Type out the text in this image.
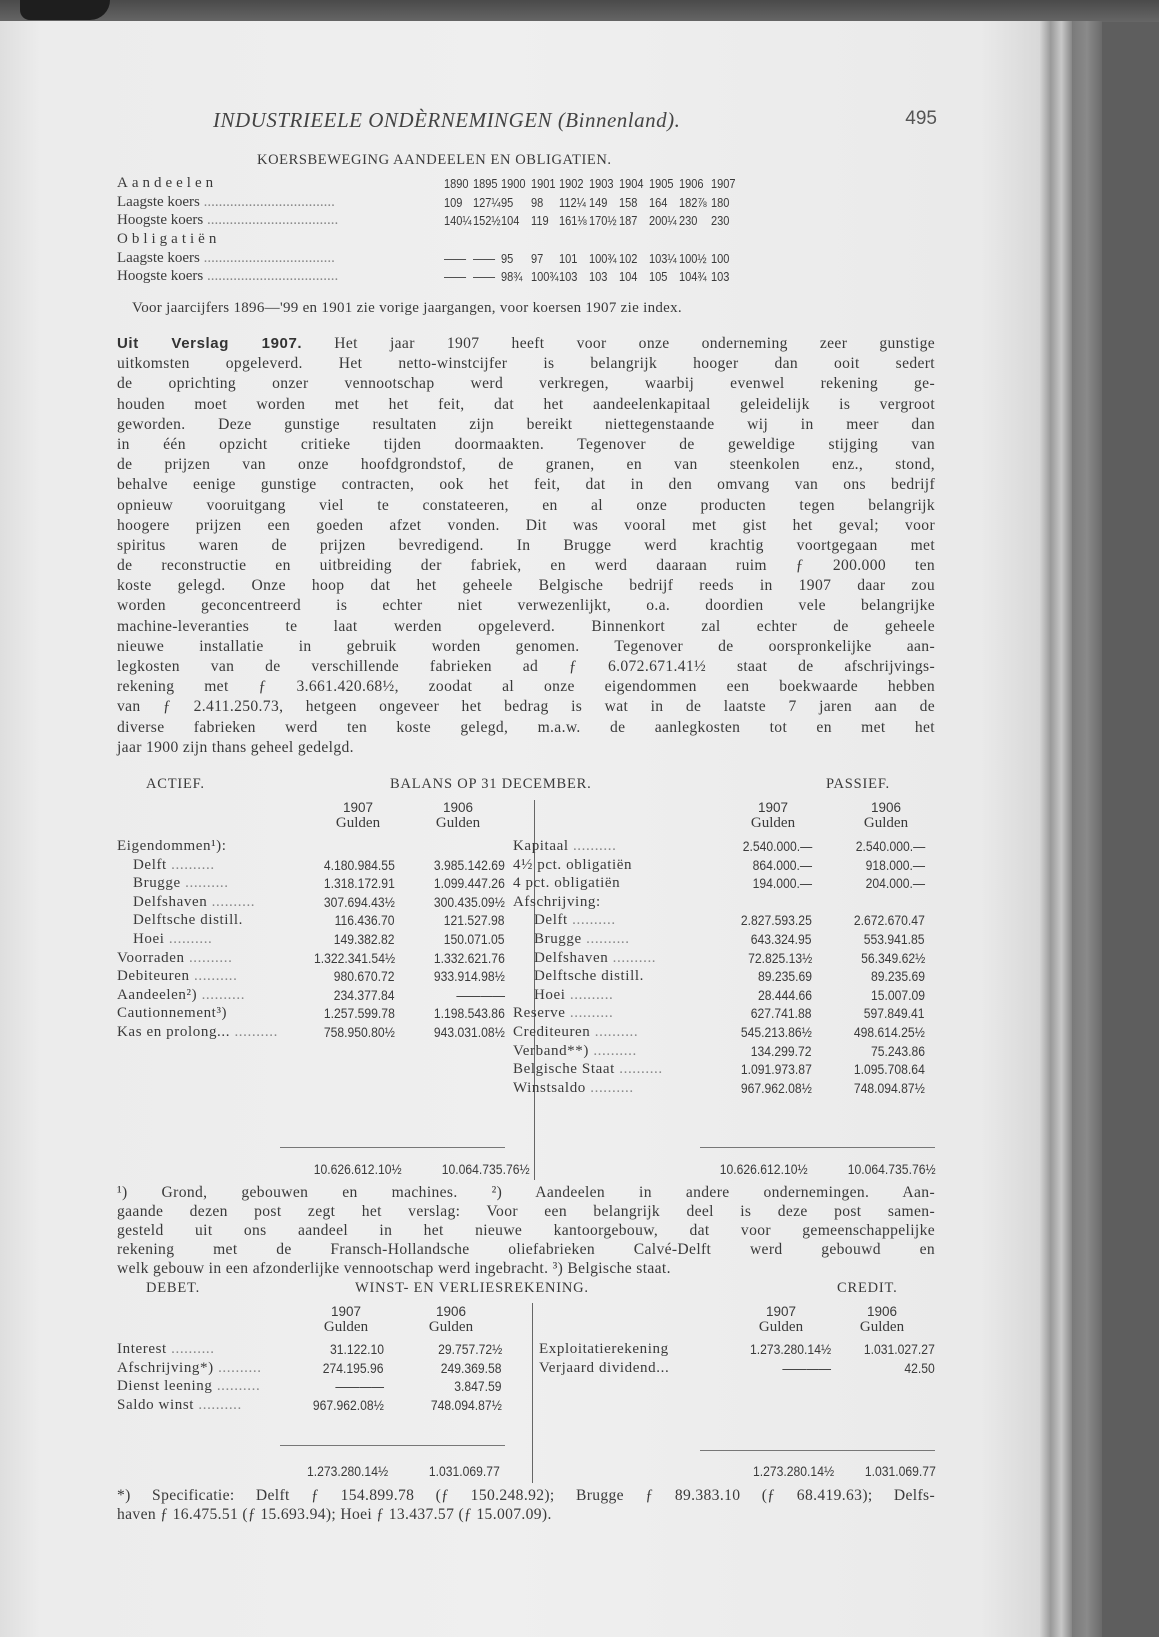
INDUSTRIEELE ONDÈRNEMINGEN (Binnenland).	495
KOERSBEWEGING AANDEELEN EN OBLIGATIEN.
Aandeelen	1890 1895 1900 1901 1902 1903 1904 1905 1906 1907
Laagste koers ...................................	109 127¼ 95 98 112¼ 149 158 164 182⅞ 180
Hoogste koers ...................................	140¼ 152½ 104 119 161⅛ 170½ 187 200¼ 230 230
Obligatiën
Laagste koers ...................................	—— —— 95 97 101 100¾ 102 103¼ 100½ 100
Hoogste koers ...................................	—— —— 98¾ 100¾ 103 103 104 105 104¾ 103
Voor jaarcijfers 1896—'99 en 1901 zie vorige jaargangen, voor koersen 1907 zie index.
Uit Verslag 1907. Het jaar 1907 heeft voor onze onderneming zeer gunstige
uitkomsten opgeleverd. Het netto-winstcijfer is belangrijk hooger dan ooit sedert
de oprichting onzer vennootschap werd verkregen, waarbij evenwel rekening ge-
houden moet worden met het feit, dat het aandeelenkapitaal geleidelijk is vergroot
geworden. Deze gunstige resultaten zijn bereikt niettegenstaande wij in meer dan
in één opzicht critieke tijden doormaakten. Tegenover de geweldige stijging van
de prijzen van onze hoofdgrondstof, de granen, en van steenkolen enz., stond,
behalve eenige gunstige contracten, ook het feit, dat in den omvang van ons bedrijf
opnieuw vooruitgang viel te constateeren, en al onze producten tegen belangrijk
hoogere prijzen een goeden afzet vonden. Dit was vooral met gist het geval; voor
spiritus waren de prijzen bevredigend. In Brugge werd krachtig voortgegaan met
de reconstructie en uitbreiding der fabriek, en werd daaraan ruim ƒ 200.000 ten
koste gelegd. Onze hoop dat het geheele Belgische bedrijf reeds in 1907 daar zou
worden geconcentreerd is echter niet verwezenlijkt, o.a. doordien vele belangrijke
machine-leveranties te laat werden opgeleverd. Binnenkort zal echter de geheele
nieuwe installatie in gebruik worden genomen. Tegenover de oorspronkelijke aan-
legkosten van de verschillende fabrieken ad ƒ 6.072.671.41½ staat de afschrijvings-
rekening met ƒ 3.661.420.68½, zoodat al onze eigendommen een boekwaarde hebben
van ƒ 2.411.250.73, hetgeen ongeveer het bedrag is wat in de laatste 7 jaren aan de
diverse fabrieken werd ten koste gelegd, m.a.w. de aanlegkosten tot en met het
jaar 1900 zijn thans geheel gedelgd.
ACTIEF.	BALANS OP 31 DECEMBER.	PASSIEF.
1907
Gulden
1906
Gulden
1907
Gulden
1906
Gulden
Eigendommen¹):
Delft ..........	4.180.984.55	3.985.142.69
Brugge ..........	1.318.172.91	1.099.447.26
Delfshaven ..........	307.694.43½	300.435.09½
Delftsche distill.	116.436.70	121.527.98
Hoei ..........	149.382.82	150.071.05
Voorraden ..........	1.322.341.54½	1.332.621.76
Debiteuren ..........	980.670.72	933.914.98½
Aandeelen²) ..........	234.377.84	————
Cautionnement³)	1.257.599.78	1.198.543.86
Kas en prolong... ..........	758.950.80½	943.031.08½
Kapitaal ..........	2.540.000.—	2.540.000.—
4½ pct. obligatiën	864.000.—	918.000.—
4 pct. obligatiën	194.000.—	204.000.—
Afschrijving:
Delft ..........	2.827.593.25	2.672.670.47
Brugge ..........	643.324.95	553.941.85
Delfshaven ..........	72.825.13½	56.349.62½
Delftsche distill.	89.235.69	89.235.69
Hoei ..........	28.444.66	15.007.09
Reserve ..........	627.741.88	597.849.41
Crediteuren ..........	545.213.86½	498.614.25½
Verband**) ..........	134.299.72	75.243.86
Belgische Staat ..........	1.091.973.87	1.095.708.64
Winstsaldo ..........	967.962.08½	748.094.87½
10.626.612.10½	10.064.735.76½	10.626.612.10½	10.064.735.76½
¹) Grond, gebouwen en machines. ²) Aandeelen in andere ondernemingen. Aan-
gaande dezen post zegt het verslag: Voor een belangrijk deel is deze post samen-
gesteld uit ons aandeel in het nieuwe kantoorgebouw, dat voor gemeenschappelijke
rekening met de Fransch-Hollandsche oliefabrieken Calvé-Delft werd gebouwd en
welk gebouw in een afzonderlijke vennootschap werd ingebracht. ³) Belgische staat.
DEBET.	WINST- EN VERLIESREKENING.	CREDIT.
1907
Gulden
1906
Gulden
1907
Gulden
1906
Gulden
Interest ..........	31.122.10	29.757.72½
Afschrijving*) ..........	274.195.96	249.369.58
Dienst leening ..........	————	3.847.59
Saldo winst ..........	967.962.08½	748.094.87½
Exploitatierekening	1.273.280.14½ 1.031.027.27
Verjaard dividend...	————	42.50
1.273.280.14½	1.031.069.77	1.273.280.14½ 1.031.069.77
*) Specificatie: Delft ƒ 154.899.78 (ƒ 150.248.92); Brugge ƒ 89.383.10 (ƒ 68.419.63); Delfs-
haven ƒ 16.475.51 (ƒ 15.693.94); Hoei ƒ 13.437.57 (ƒ 15.007.09).
